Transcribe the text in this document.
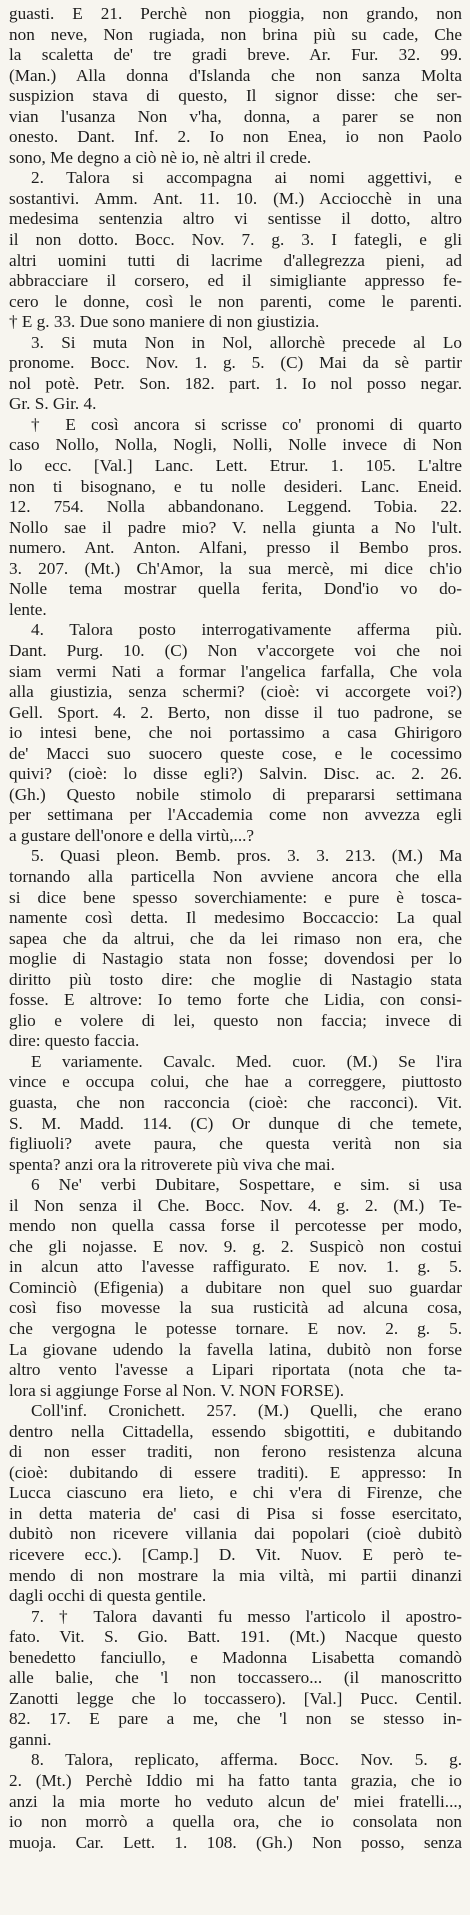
guasti. E 21. Perchè non pioggia, non grando, non
non neve, Non rugiada, non brina più su cade, Che
la scaletta de' tre gradi breve. Ar. Fur. 32. 99.
(Man.) Alla donna d'Islanda che non sanza Molta
suspizion stava di questo, Il signor disse: che ser-
vian l'usanza Non v'ha, donna, a parer se non
onesto. Dant. Inf. 2. Io non Enea, io non Paolo
sono, Me degno a ciò nè io, nè altri il crede.
2. Talora si accompagna ai nomi aggettivi, e
sostantivi. Amm. Ant. 11. 10. (M.) Acciocchè in una
medesima sentenzia altro vi sentisse il dotto, altro
il non dotto. Bocc. Nov. 7. g. 3. I fategli, e gli
altri uomini tutti di lacrime d'allegrezza pieni, ad
abbracciare il corsero, ed il simigliante appresso fe-
cero le donne, così le non parenti, come le parenti.
† E g. 33. Due sono maniere di non giustizia.
3. Si muta Non in Nol, allorchè precede al Lo
pronome. Bocc. Nov. 1. g. 5. (C) Mai da sè partir
nol potè. Petr. Son. 182. part. 1. Io nol posso negar.
Gr. S. Gir. 4.
† E così ancora si scrisse co' pronomi di quarto
caso Nollo, Nolla, Nogli, Nolli, Nolle invece di Non
lo ecc. [Val.] Lanc. Lett. Etrur. 1. 105. L'altre
non ti bisognano, e tu nolle desideri. Lanc. Eneid.
12. 754. Nolla abbandonano. Leggend. Tobia. 22.
Nollo sae il padre mio? V. nella giunta a No l'ult.
numero. Ant. Anton. Alfani, presso il Bembo pros.
3. 207. (Mt.) Ch'Amor, la sua mercè, mi dice ch'io
Nolle tema mostrar quella ferita, Dond'io vo do-
lente.
4. Talora posto interrogativamente afferma più.
Dant. Purg. 10. (C) Non v'accorgete voi che noi
siam vermi Nati a formar l'angelica farfalla, Che vola
alla giustizia, senza schermi? (cioè: vi accorgete voi?)
Gell. Sport. 4. 2. Berto, non disse il tuo padrone, se
io intesi bene, che noi portassimo a casa Ghirigoro
de' Macci suo suocero queste cose, e le cocessimo
quivi? (cioè: lo disse egli?) Salvin. Disc. ac. 2. 26.
(Gh.) Questo nobile stimolo di prepararsi settimana
per settimana per l'Accademia come non avvezza egli
a gustare dell'onore e della virtù,...?
5. Quasi pleon. Bemb. pros. 3. 3. 213. (M.) Ma
tornando alla particella Non avviene ancora che ella
si dice bene spesso soverchiamente: e pure è tosca-
namente così detta. Il medesimo Boccaccio: La qual
sapea che da altrui, che da lei rimaso non era, che
moglie di Nastagio stata non fosse; dovendosi per lo
diritto più tosto dire: che moglie di Nastagio stata
fosse. E altrove: Io temo forte che Lidia, con consi-
glio e volere di lei, questo non faccia; invece di
dire: questo faccia.
E variamente. Cavalc. Med. cuor. (M.) Se l'ira
vince e occupa colui, che hae a correggere, piuttosto
guasta, che non racconcia (cioè: che racconci). Vit.
S. M. Madd. 114. (C) Or dunque di che temete,
figliuoli? avete paura, che questa verità non sia
spenta? anzi ora la ritroverete più viva che mai.
6 Ne' verbi Dubitare, Sospettare, e sim. si usa
il Non senza il Che. Bocc. Nov. 4. g. 2. (M.) Te-
mendo non quella cassa forse il percotesse per modo,
che gli nojasse. E nov. 9. g. 2. Suspicò non costui
in alcun atto l'avesse raffigurato. E nov. 1. g. 5.
Cominciò (Efigenia) a dubitare non quel suo guardar
così fiso movesse la sua rusticità ad alcuna cosa,
che vergogna le potesse tornare. E nov. 2. g. 5.
La giovane udendo la favella latina, dubitò non forse
altro vento l'avesse a Lipari riportata (nota che ta-
lora si aggiunge Forse al Non. V. NON FORSE).
Coll'inf. Cronichett. 257. (M.) Quelli, che erano
dentro nella Cittadella, essendo sbigottiti, e dubitando
di non esser traditi, non ferono resistenza alcuna
(cioè: dubitando di essere traditi). E appresso: In
Lucca ciascuno era lieto, e chi v'era di Firenze, che
in detta materia de' casi di Pisa si fosse esercitato,
dubitò non ricevere villania dai popolari (cioè dubitò
ricevere ecc.). [Camp.] D. Vit. Nuov. E però te-
mendo di non mostrare la mia viltà, mi partii dinanzi
dagli occhi di questa gentile.
7. † Talora davanti fu messo l'articolo il apostro-
fato. Vit. S. Gio. Batt. 191. (Mt.) Nacque questo
benedetto fanciullo, e Madonna Lisabetta comandò
alle balie, che 'l non toccassero... (il manoscritto
Zanotti legge che lo toccassero). [Val.] Pucc. Centil.
82. 17. E pare a me, che 'l non se stesso in-
ganni.
8. Talora, replicato, afferma. Bocc. Nov. 5. g.
2. (Mt.) Perchè Iddio mi ha fatto tanta grazia, che io
anzi la mia morte ho veduto alcun de' miei fratelli...,
io non morrò a quella ora, che io consolata non
muoja. Car. Lett. 1. 108. (Gh.) Non posso, senza
